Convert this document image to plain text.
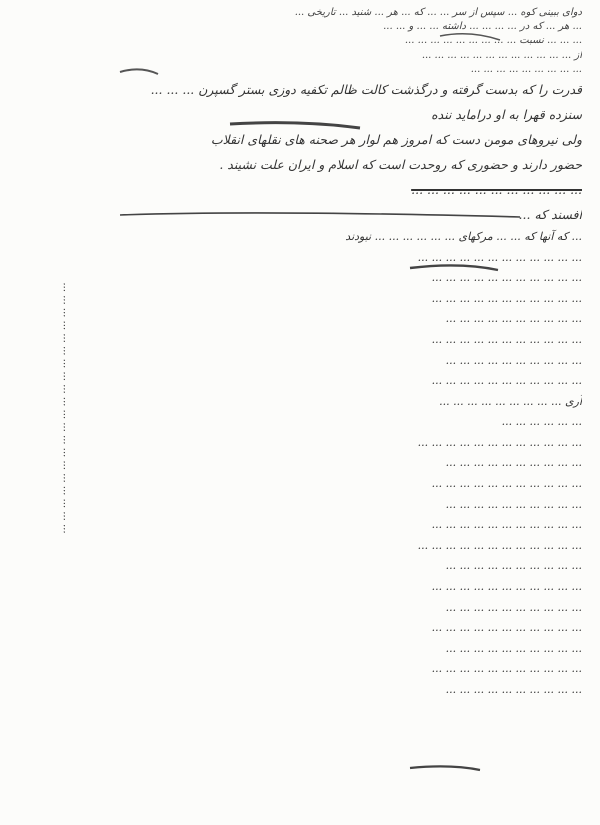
... ... ... ... ... ... ... ... ... ... ... ... ... ... ... ... ... ... ... ...
دوای ببینی کوه ... سپس از سر ... ... که ... هر ... شنید ... تاریخی ...
... هر ... که در ... ... ... ... داشته ... ... و ... ...
... ... ... نسبت ... ... ... ... ... ... ... ... ...
از ... ... ... ... ... ... ... ... ... ... ... ...
... ... ... ... ... ... ... ... ...
قدرت را که بدست گرفته و درگذشت کالت ظالم تکفیه دوزی بستر گسپرن ... ... ...
سنزده قهرا به او دراماید ننده
ولی نیروهای مومن دست که امروز هم لوار هر صحنه های نقلهای انقلاب
حضور دارند و حضوری که روحدت است که اسلام و ایران علت نشیند .
... ... ... ... ... ... ... ... ... ... ...
افسند که ...
... که آنها که ... ... مرکهای ... ... ... ... ... ... نبودند
... ... ... ... ... ... ... ... ... ... ... ...
... ... ... ... ... ... ... ... ... ... ...
... ... ... ... ... ... ... ... ... ... ...
... ... ... ... ... ... ... ... ... ...
... ... ... ... ... ... ... ... ... ... ...
... ... ... ... ... ... ... ... ... ...
... ... ... ... ... ... ... ... ... ... ...
آری ... ... ... ... ... ... ... ... ...
... ... ... ... ... ...
... ... ... ... ... ... ... ... ... ... ... ...
... ... ... ... ... ... ... ... ... ...
... ... ... ... ... ... ... ... ... ... ...
... ... ... ... ... ... ... ... ... ...
... ... ... ... ... ... ... ... ... ... ...
... ... ... ... ... ... ... ... ... ... ... ...
... ... ... ... ... ... ... ... ... ...
... ... ... ... ... ... ... ... ... ... ...
... ... ... ... ... ... ... ... ... ...
... ... ... ... ... ... ... ... ... ... ...
... ... ... ... ... ... ... ... ... ...
... ... ... ... ... ... ... ... ... ... ...
... ... ... ... ... ... ... ... ... ...
